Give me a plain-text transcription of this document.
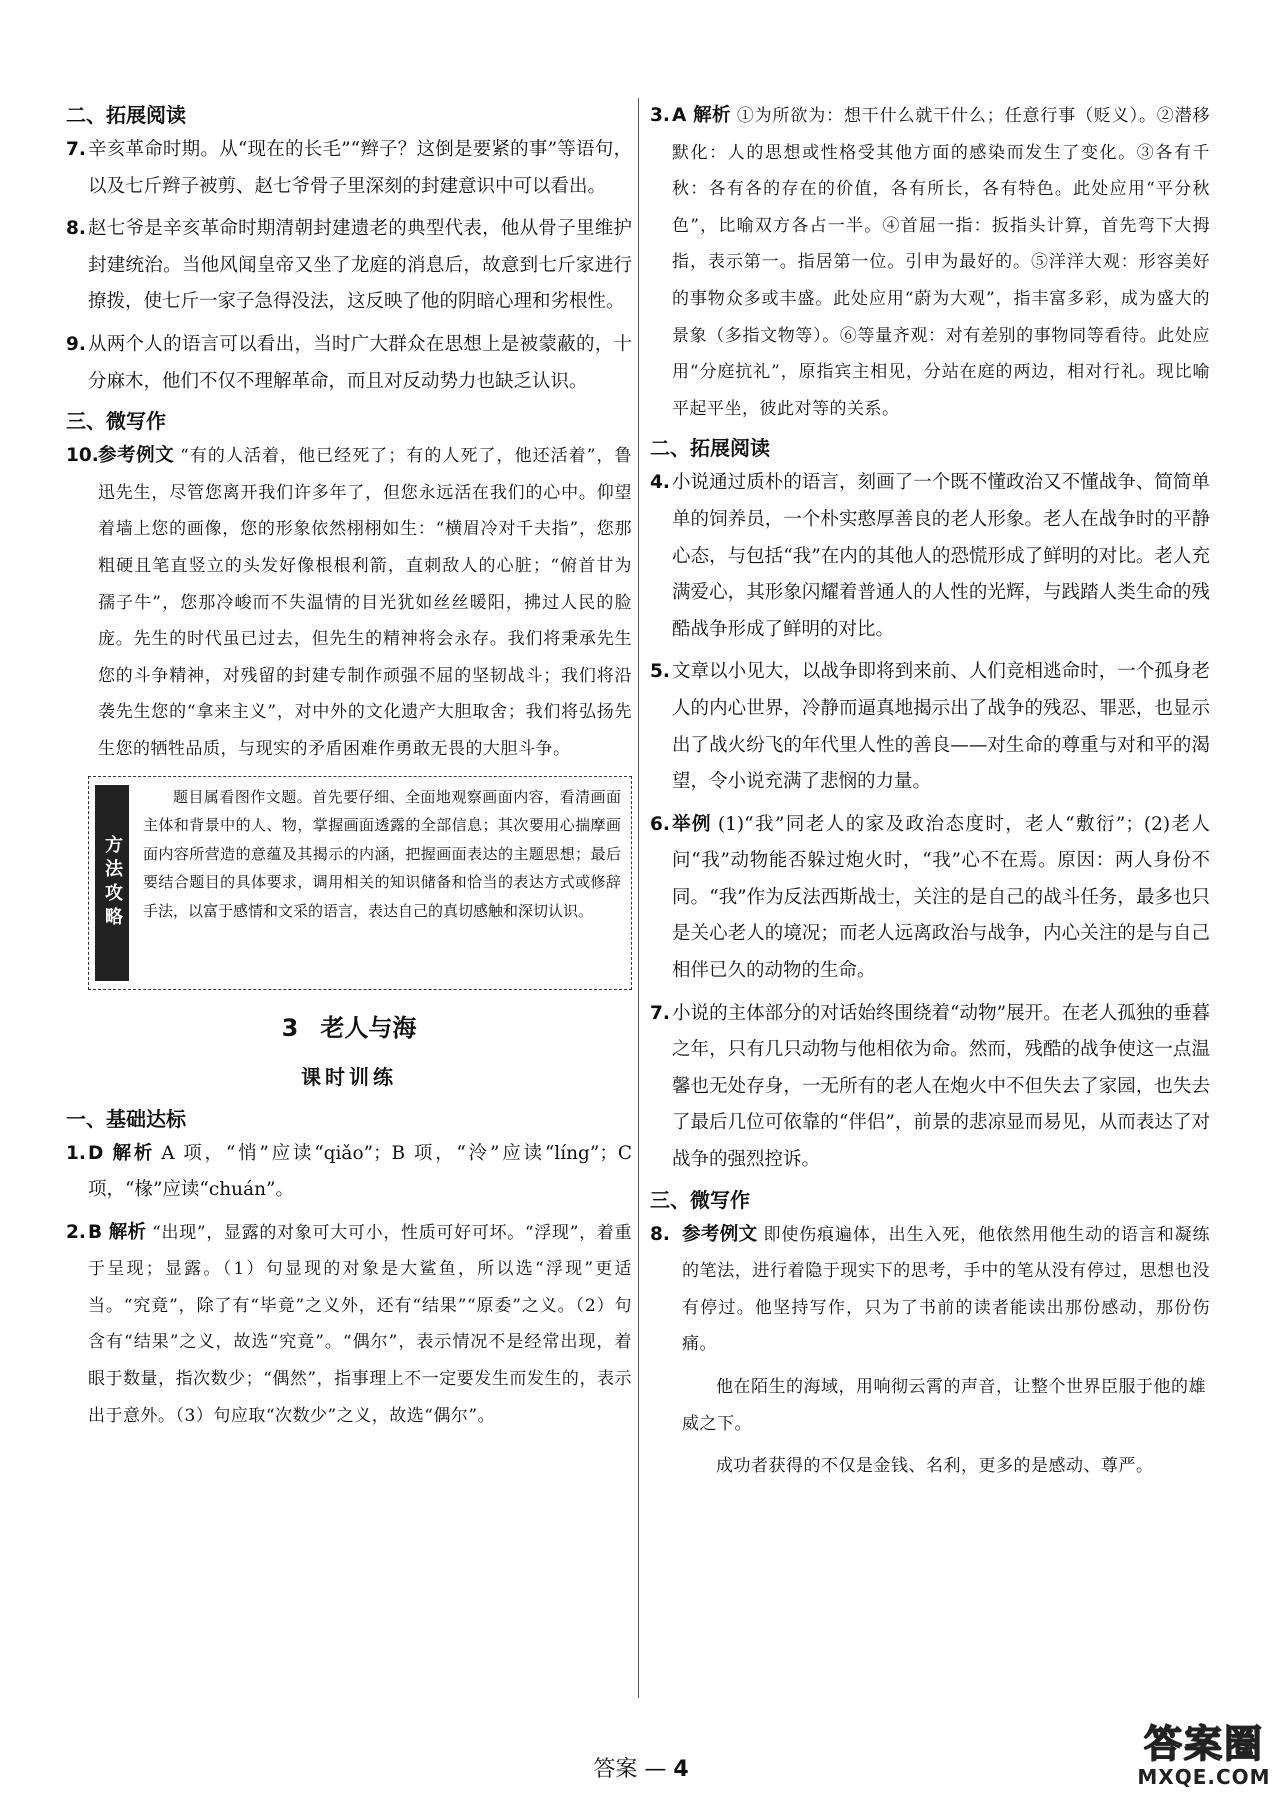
二、拓展阅读
7. 辛亥革命时期。从“现在的长毛”“辫子？这倒是要紧的事”等语句，以及七斤辫子被剪、赵七爷骨子里深刻的封建意识中可以看出。
8. 赵七爷是辛亥革命时期清朝封建遗老的典型代表，他从骨子里维护封建统治。当他风闻皇帝又坐了龙庭的消息后，故意到七斤家进行撩拨，使七斤一家子急得没法，这反映了他的阴暗心理和劣根性。
9. 从两个人的语言可以看出，当时广大群众在思想上是被蒙蔽的，十分麻木，他们不仅不理解革命，而且对反动势力也缺乏认识。
三、微写作
10. 参考例文 “有的人活着，他已经死了；有的人死了，他还活着”，鲁迅先生，尽管您离开我们许多年了，但您永远活在我们的心中。仰望着墙上您的画像，您的形象依然栩栩如生：“横眉冷对千夫指”，您那粗硬且笔直竖立的头发好像根根利箭，直刺敌人的心脏；“俯首甘为孺子牛”，您那冷峻而不失温情的目光犹如丝丝暖阳，拂过人民的脸庞。先生的时代虽已过去，但先生的精神将会永存。我们将秉承先生您的斗争精神，对残留的封建专制作顽强不屈的坚韧战斗；我们将沿袭先生您的“拿来主义”，对中外的文化遗产大胆取舍；我们将弘扬先生您的牺牲品质，与现实的矛盾困难作勇敢无畏的大胆斗争。
方法攻略
题目属看图作文题。首先要仔细、全面地观察画面内容，看清画面主体和背景中的人、物，掌握画面透露的全部信息；其次要用心揣摩画面内容所营造的意蕴及其揭示的内涵，把握画面表达的主题思想；最后要结合题目的具体要求，调用相关的知识储备和恰当的表达方式或修辞手法，以富于感情和文采的语言，表达自己的真切感触和深切认识。
3 老人与海
课时训练
一、基础达标
1. D 解析 A 项，“悄”应读“qiǎo”；B 项，“泠”应读“líng”；C 项，“椽”应读“chuán”。
2. B 解析 “出现”，显露的对象可大可小，性质可好可坏。“浮现”，着重于呈现；显露。（1）句显现的对象是大鲨鱼，所以选“浮现”更适当。“究竟”，除了有“毕竟”之义外，还有“结果”“原委”之义。（2）句含有“结果”之义，故选“究竟”。“偶尔”，表示情况不是经常出现，着眼于数量，指次数少；“偶然”，指事理上不一定要发生而发生的，表示出于意外。（3）句应取“次数少”之义，故选“偶尔”。
3. A 解析 ①为所欲为：想干什么就干什么；任意行事（贬义）。②潜移默化：人的思想或性格受其他方面的感染而发生了变化。③各有千秋：各有各的存在的价值，各有所长，各有特色。此处应用“平分秋色”，比喻双方各占一半。④首屈一指：扳指头计算，首先弯下大拇指，表示第一。指居第一位。引申为最好的。⑤洋洋大观：形容美好的事物众多或丰盛。此处应用“蔚为大观”，指丰富多彩，成为盛大的景象（多指文物等）。⑥等量齐观：对有差别的事物同等看待。此处应用“分庭抗礼”，原指宾主相见，分站在庭的两边，相对行礼。现比喻平起平坐，彼此对等的关系。
二、拓展阅读
4. 小说通过质朴的语言，刻画了一个既不懂政治又不懂战争、简简单单的饲养员，一个朴实憨厚善良的老人形象。老人在战争时的平静心态，与包括“我”在内的其他人的恐慌形成了鲜明的对比。老人充满爱心，其形象闪耀着普通人的人性的光辉，与践踏人类生命的残酷战争形成了鲜明的对比。
5. 文章以小见大，以战争即将到来前、人们竞相逃命时，一个孤身老人的内心世界，冷静而逼真地揭示出了战争的残忍、罪恶，也显示出了战火纷飞的年代里人性的善良——对生命的尊重与对和平的渴望，令小说充满了悲悯的力量。
6. 举例 (1)“我”同老人的家及政治态度时，老人“敷衍”；(2)老人问“我”动物能否躲过炮火时，“我”心不在焉。原因：两人身份不同。“我”作为反法西斯战士，关注的是自己的战斗任务，最多也只是关心老人的境况；而老人远离政治与战争，内心关注的是与自己相伴已久的动物的生命。
7. 小说的主体部分的对话始终围绕着“动物”展开。在老人孤独的垂暮之年，只有几只动物与他相依为命。然而，残酷的战争使这一点温馨也无处存身，一无所有的老人在炮火中不但失去了家园，也失去了最后几位可依靠的“伴侣”，前景的悲凉显而易见，从而表达了对战争的强烈控诉。
三、微写作
8. 参考例文 即使伤痕遍体，出生入死，他依然用他生动的语言和凝练的笔法，进行着隐于现实下的思考，手中的笔从没有停过，思想也没有停过。他坚持写作，只为了书前的读者能读出那份感动，那份伤痛。
他在陌生的海域，用响彻云霄的声音，让整个世界臣服于他的雄威之下。
成功者获得的不仅是金钱、名利，更多的是感动、尊严。
答案 — 4
答案圈
MXQE.COM
